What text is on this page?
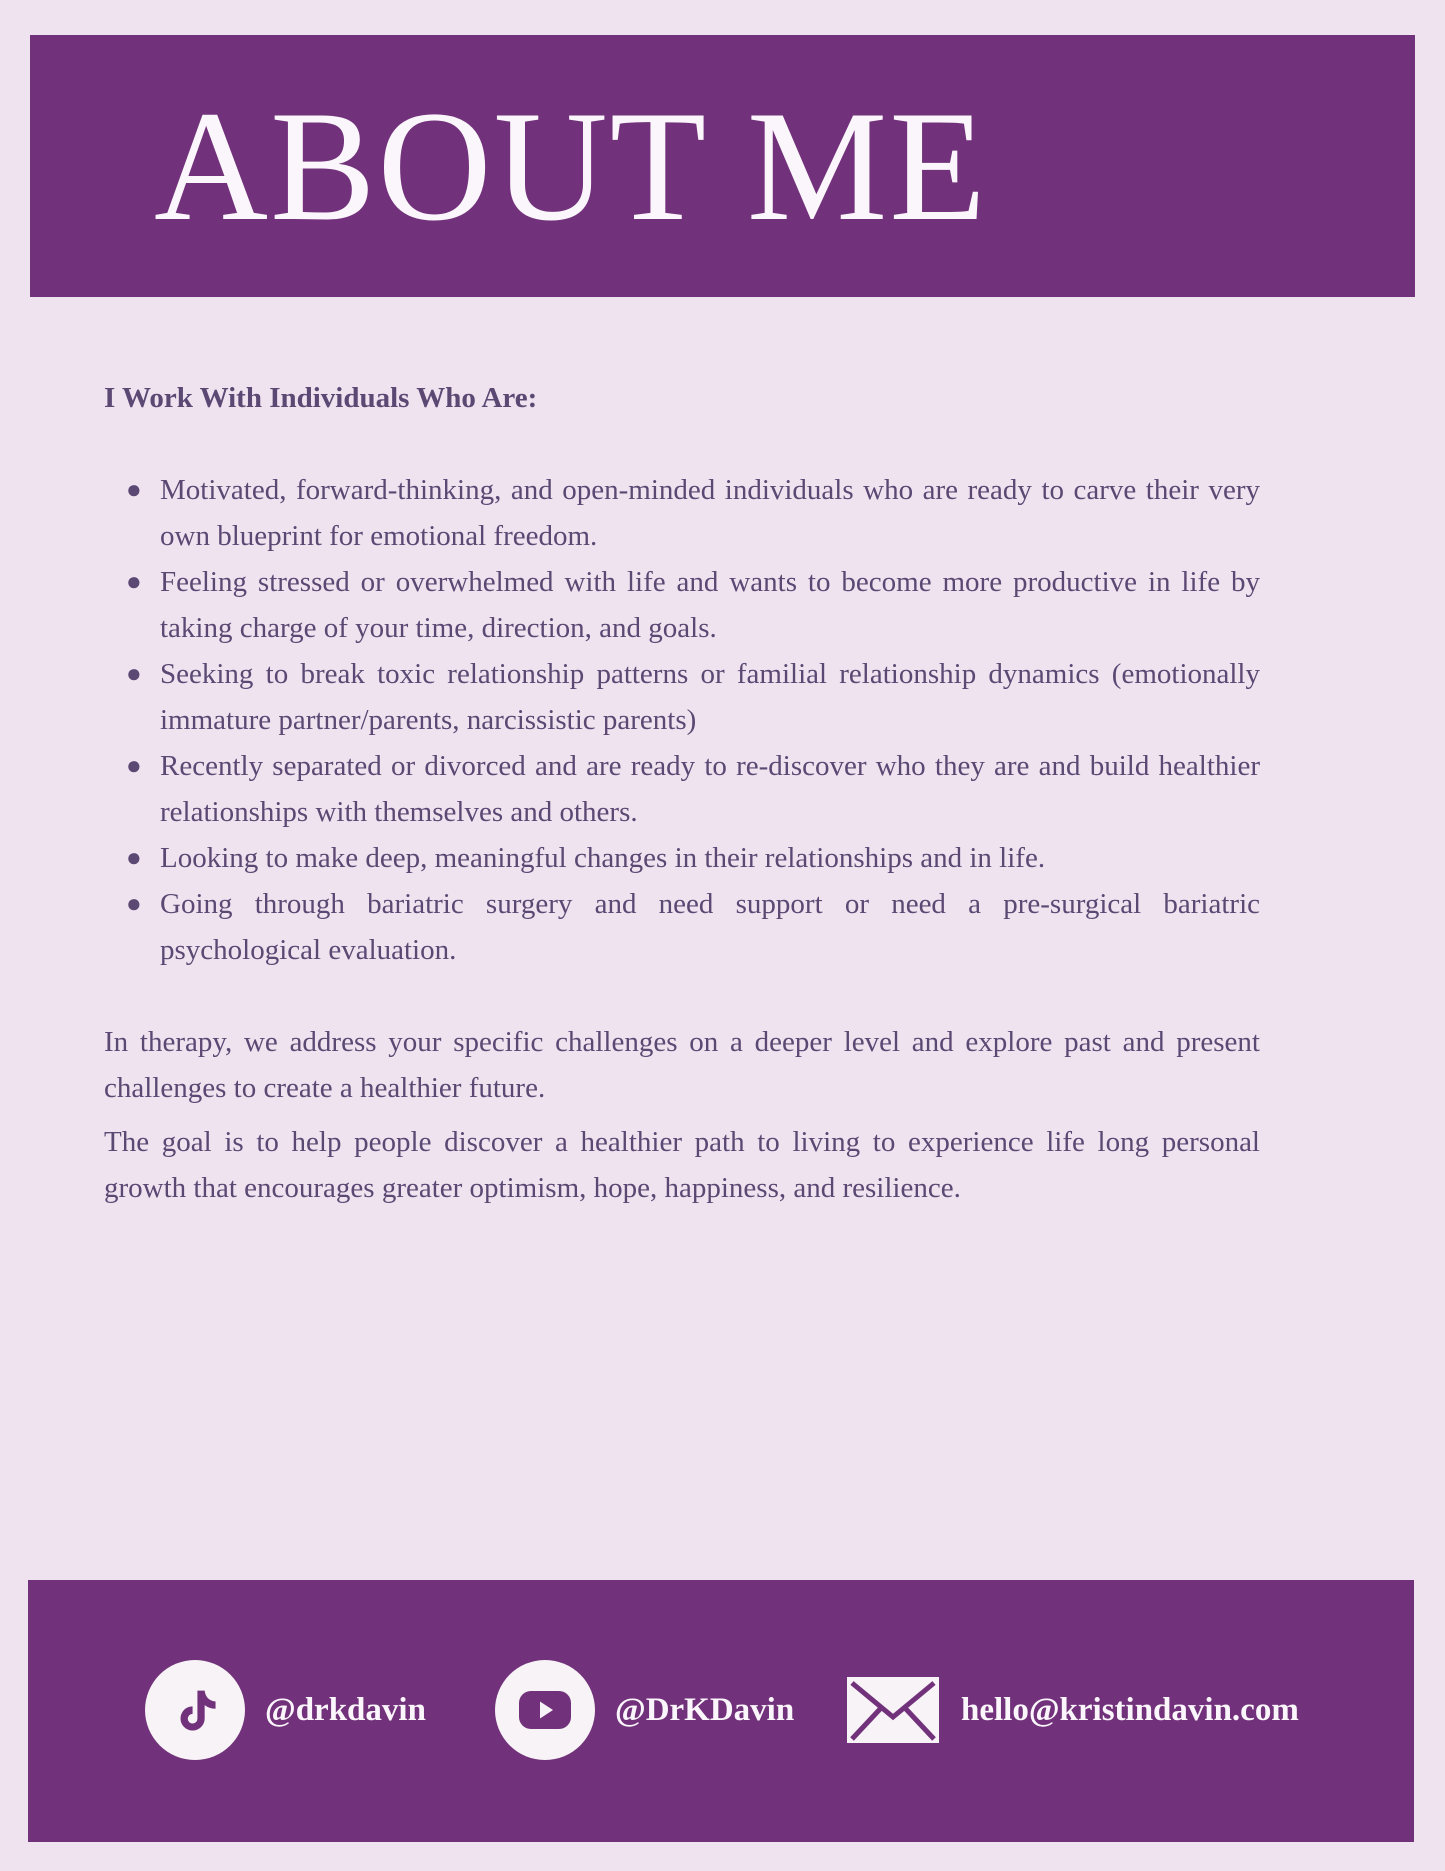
ABOUT ME

I Work With Individuals Who Are:

● Motivated, forward-thinking, and open-minded individuals who are ready to carve their very own blueprint for emotional freedom.
● Feeling stressed or overwhelmed with life and wants to become more productive in life by taking charge of your time, direction, and goals.
● Seeking to break toxic relationship patterns or familial relationship dynamics (emotionally immature partner/parents, narcissistic parents)
● Recently separated or divorced and are ready to re-discover who they are and build healthier relationships with themselves and others.
● Looking to make deep, meaningful changes in their relationships and in life.
● Going through bariatric surgery and need support or need a pre-surgical bariatric psychological evaluation.

In therapy, we address your specific challenges on a deeper level and explore past and present challenges to create a healthier future.

The goal is to help people discover a healthier path to living to experience life long personal growth that encourages greater optimism, hope, happiness, and resilience.

@drkdavin	@DrKDavin	hello@kristindavin.com
